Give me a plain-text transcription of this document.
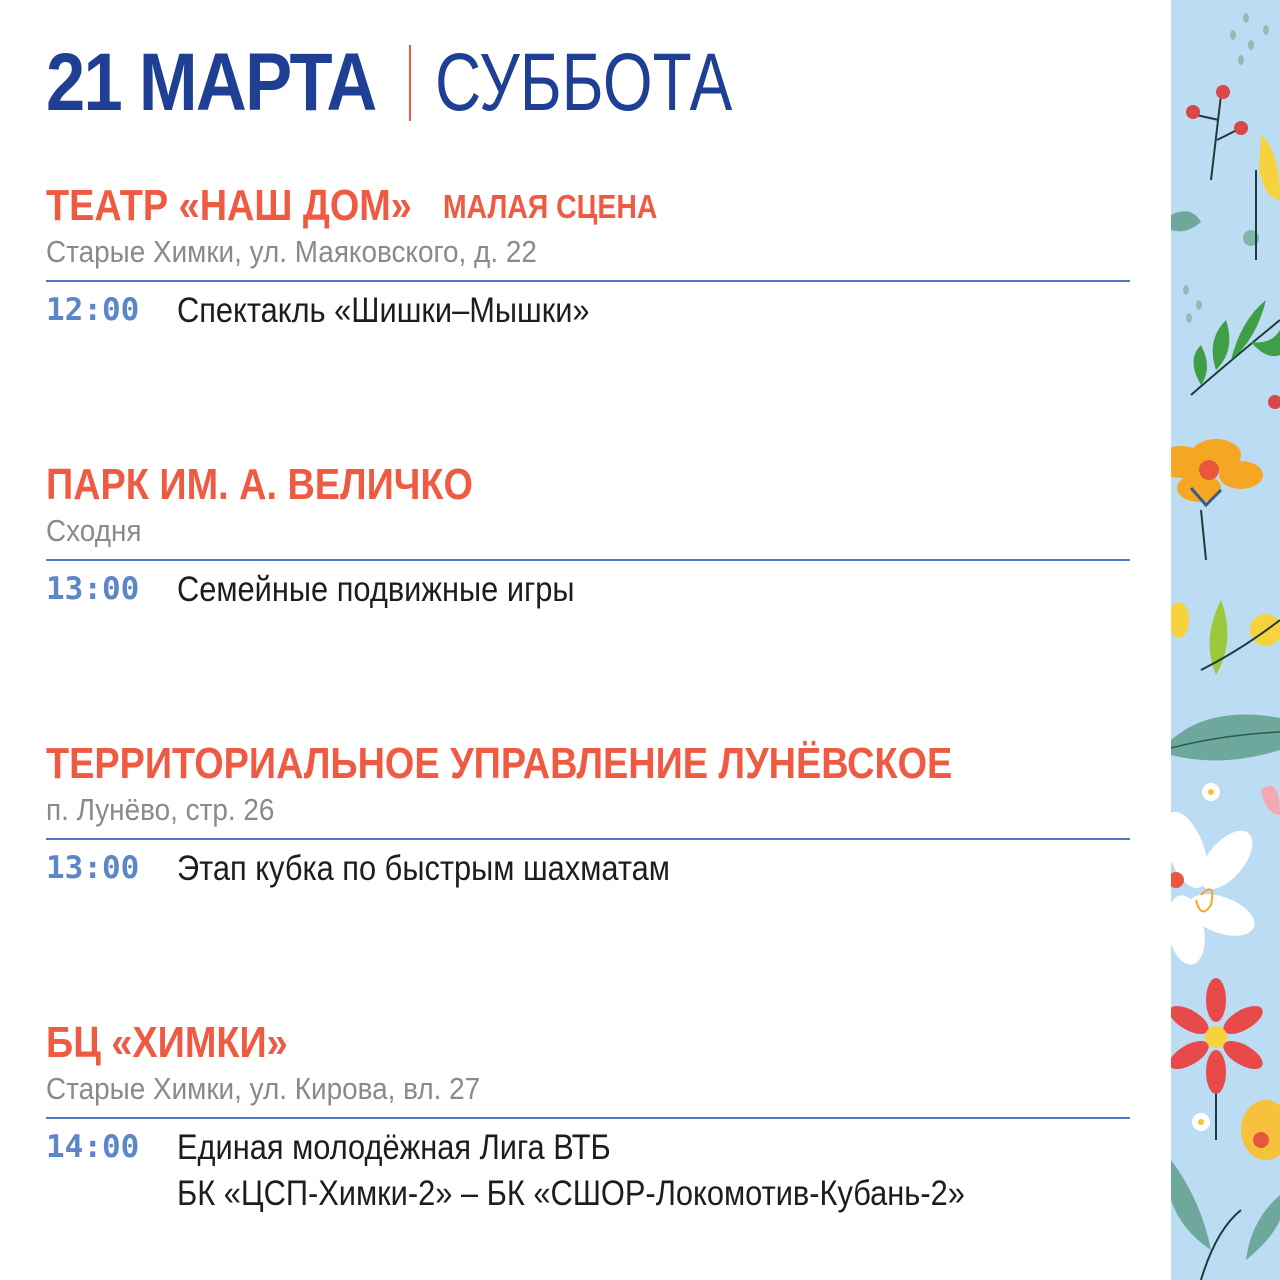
21 МАРТА СУББОТА
ТЕАТР «НАШ ДОМ» МАЛАЯ СЦЕНА
Старые Химки, ул. Маяковского, д. 22
12:00	Спектакль «Шишки–Мышки»
ПАРК ИМ. А. ВЕЛИЧКО
Сходня
13:00	Семейные подвижные игры
ТЕРРИТОРИАЛЬНОЕ УПРАВЛЕНИЕ ЛУНЁВСКОЕ
п. Лунёво, стр. 26
13:00	Этап кубка по быстрым шахматам
БЦ «ХИМКИ»
Старые Химки, ул. Кирова, вл. 27
14:00	Единая молодёжная Лига ВТБ
БК «ЦСП-Химки-2» – БК «СШОР-Локомотив-Кубань-2»
